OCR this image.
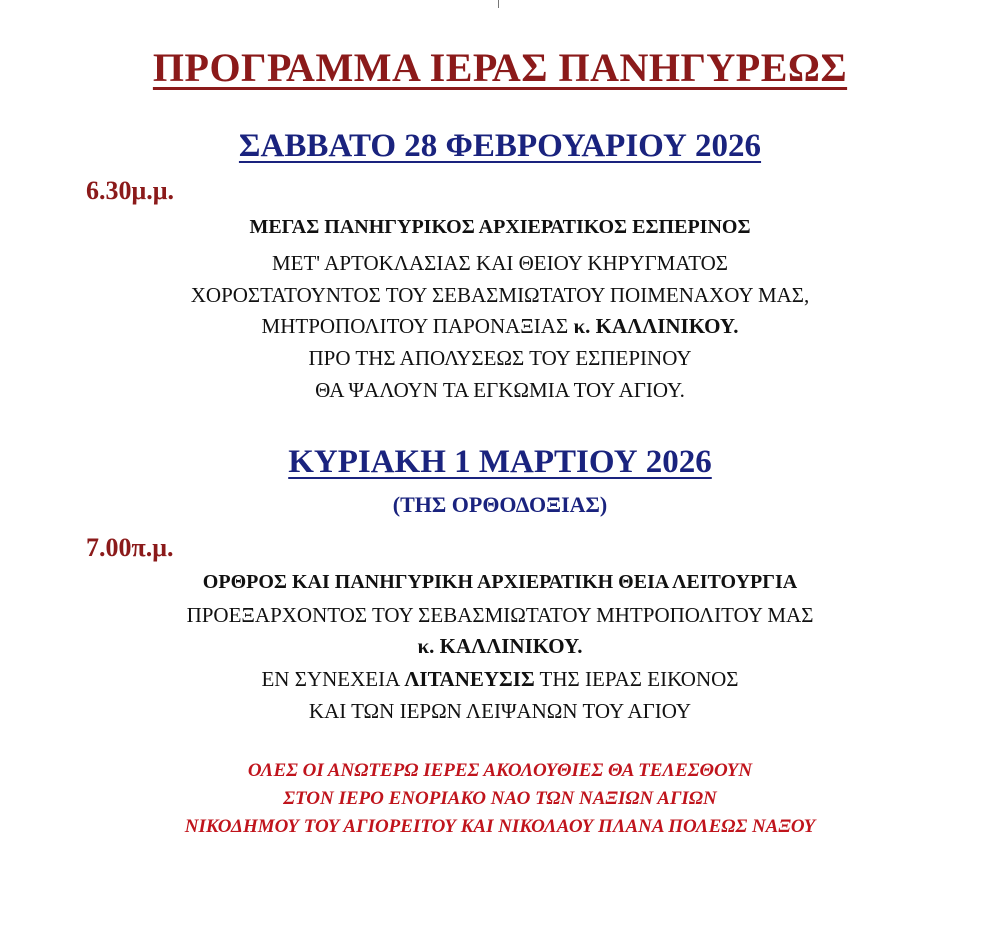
ΠΡΟΓΡΑΜΜΑ ΙΕΡΑΣ ΠΑΝΗΓΥΡΕΩΣ
ΣΑΒΒΑΤΟ 28 ΦΕΒΡΟΥΑΡΙΟΥ 2026
6.30μ.μ.
ΜΕΓΑΣ ΠΑΝΗΓΥΡΙΚΟΣ ΑΡΧΙΕΡΑΤΙΚΟΣ ΕΣΠΕΡΙΝΟΣ
ΜΕΤ' ΑΡΤΟΚΛΑΣΙΑΣ ΚΑΙ ΘΕΙΟΥ ΚΗΡΥΓΜΑΤΟΣ
ΧΟΡΟΣΤΑΤΟΥΝΤΟΣ ΤΟΥ ΣΕΒΑΣΜΙΩΤΑΤΟΥ ΠΟΙΜΕΝΑΧΟΥ ΜΑΣ,
ΜΗΤΡΟΠΟΛΙΤΟΥ ΠΑΡΟΝΑΞΙΑΣ κ. ΚΑΛΛΙΝΙΚΟΥ.
ΠΡΟ ΤΗΣ ΑΠΟΛΥΣΕΩΣ ΤΟΥ ΕΣΠΕΡΙΝΟΥ
ΘΑ ΨΑΛΟΥΝ ΤΑ ΕΓΚΩΜΙΑ ΤΟΥ ΑΓΙΟΥ.
ΚΥΡΙΑΚΗ 1 ΜΑΡΤΙΟΥ 2026
(ΤΗΣ ΟΡΘΟΔΟΞΙΑΣ)
7.00π.μ.
ΟΡΘΡΟΣ ΚΑΙ ΠΑΝΗΓΥΡΙΚΗ ΑΡΧΙΕΡΑΤΙΚΗ ΘΕΙΑ ΛΕΙΤΟΥΡΓΙΑ
ΠΡΟΕΞΑΡΧΟΝΤΟΣ ΤΟΥ ΣΕΒΑΣΜΙΩΤΑΤΟΥ ΜΗΤΡΟΠΟΛΙΤΟΥ ΜΑΣ
κ. ΚΑΛΛΙΝΙΚΟΥ.
ΕΝ ΣΥΝΕΧΕΙΑ ΛΙΤΑΝΕΥΣΙΣ ΤΗΣ ΙΕΡΑΣ ΕΙΚΟΝΟΣ
ΚΑΙ ΤΩΝ ΙΕΡΩΝ ΛΕΙΨΑΝΩΝ ΤΟΥ ΑΓΙΟΥ
ΟΛΕΣ ΟΙ ΑΝΩΤΕΡΩ ΙΕΡΕΣ ΑΚΟΛΟΥΘΙΕΣ ΘΑ ΤΕΛΕΣΘΟΥΝ
ΣΤΟΝ ΙΕΡΟ ΕΝΟΡΙΑΚΟ ΝΑΟ ΤΩΝ ΝΑΞΙΩΝ ΑΓΙΩΝ
ΝΙΚΟΔΗΜΟΥ ΤΟΥ ΑΓΙΟΡΕΙΤΟΥ ΚΑΙ ΝΙΚΟΛΑΟΥ ΠΛΑΝΑ ΠΟΛΕΩΣ ΝΑΞΟΥ
